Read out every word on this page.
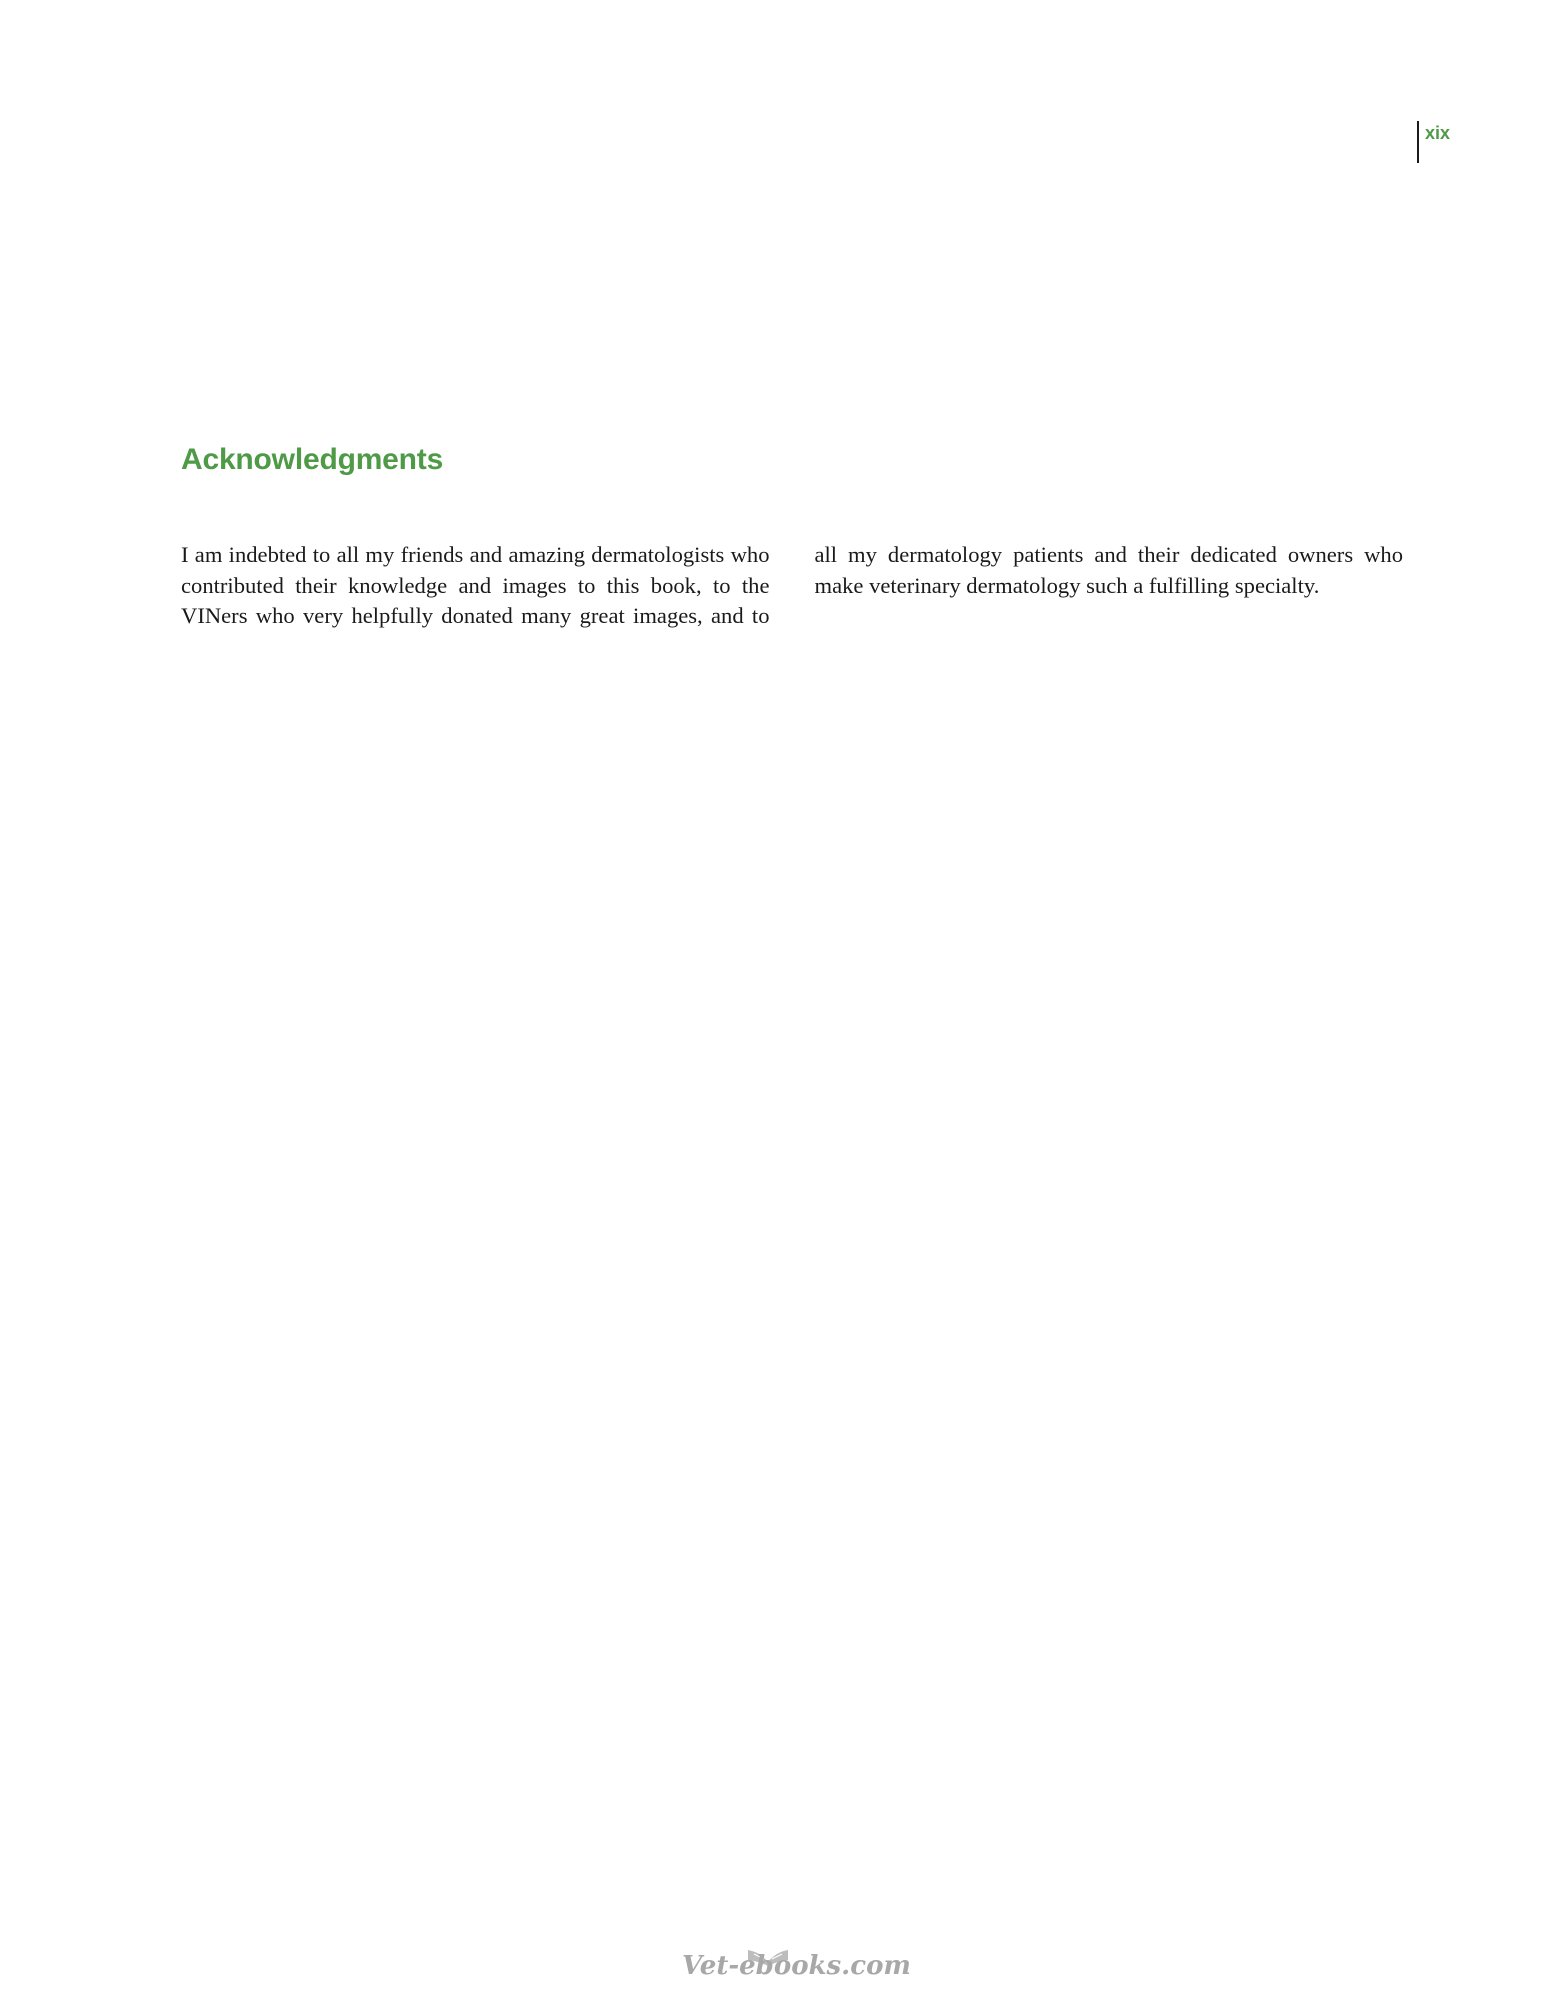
xix
Acknowledgments

I am indebted to all my friends and amazing dermatologists who contributed their knowledge and images to this book, to the VINers who very helpfully donated many great images, and to all my dermatology patients and their dedicated owners who make veterinary dermatology such a fulfilling specialty.

Vet-ebooks.com
